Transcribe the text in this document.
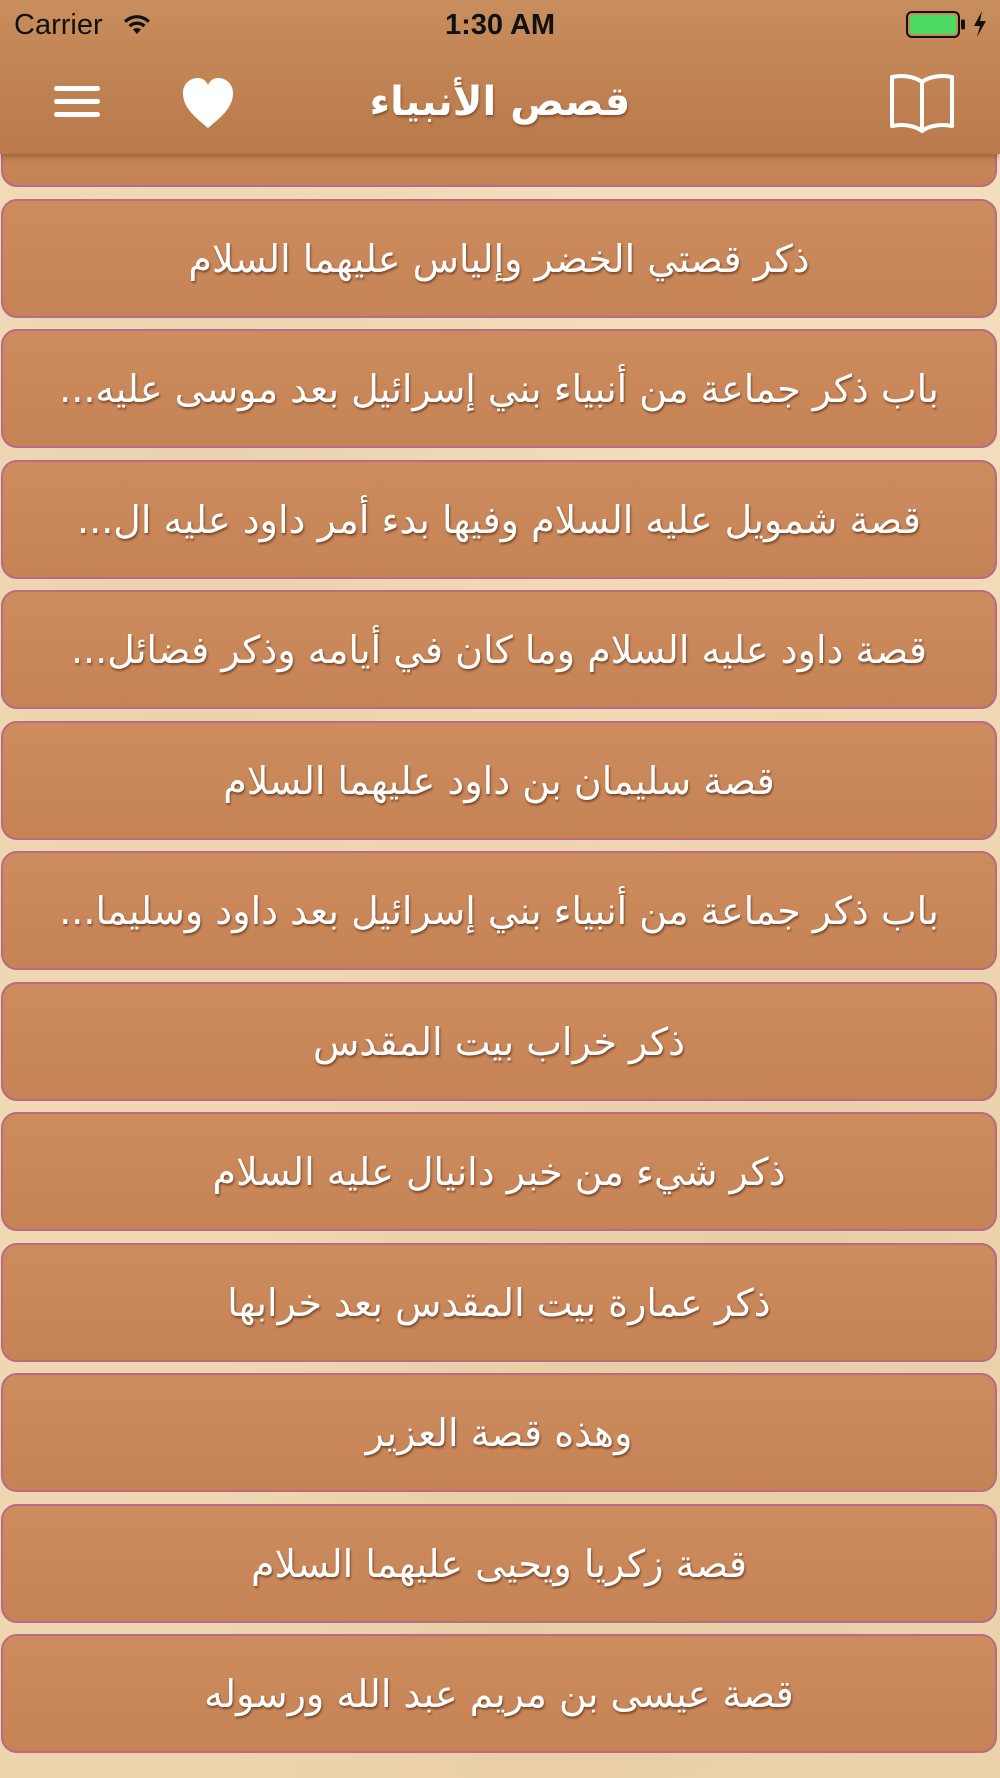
Carrier	1:30 AM
قصص الأنبياء
ذكر قصتي الخضر وإلياس عليهما السلام
باب ذكر جماعة من أنبياء بني إسرائيل بعد موسى عليه...
قصة شمويل عليه السلام وفيها بدء أمر داود عليه ال...
قصة داود عليه السلام وما كان في أيامه وذكر فضائل...
قصة سليمان بن داود عليهما السلام
باب ذكر جماعة من أنبياء بني إسرائيل بعد داود وسليما...
ذكر خراب بيت المقدس
ذكر شيء من خبر دانيال عليه السلام
ذكر عمارة بيت المقدس بعد خرابها
وهذه قصة العزير
قصة زكريا ويحيى عليهما السلام
قصة عيسى بن مريم عبد الله ورسوله
